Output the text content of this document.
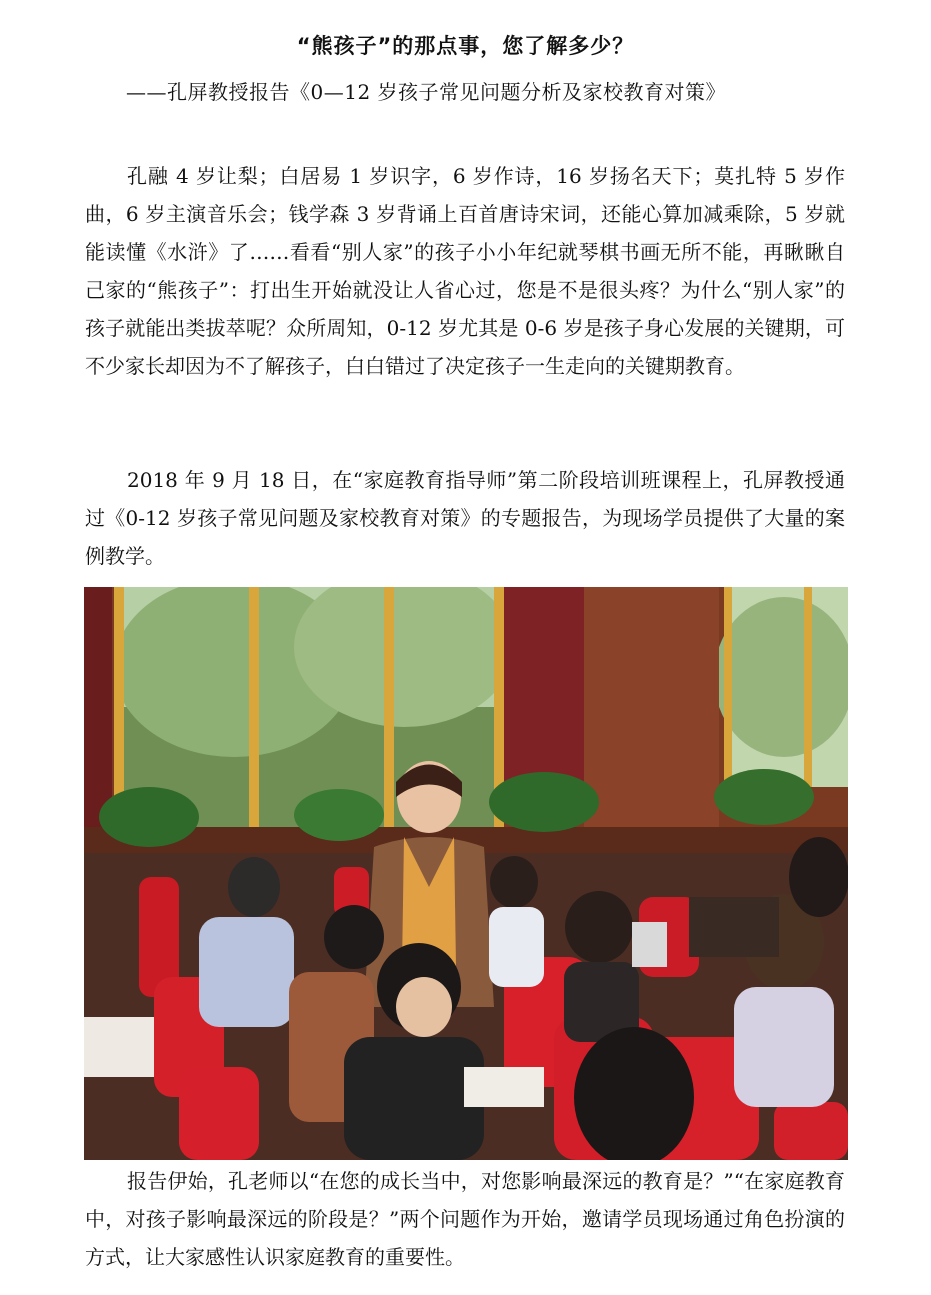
“熊孩子”的那点事，您了解多少？
——孔屏教授报告《0—12 岁孩子常见问题分析及家校教育对策》

孔融 4 岁让梨；白居易 1 岁识字，6 岁作诗，16 岁扬名天下；莫扎特 5 岁作曲，6 岁主演音乐会；钱学森 3 岁背诵上百首唐诗宋词，还能心算加减乘除，5 岁就能读懂《水浒》了……看看“别人家”的孩子小小年纪就琴棋书画无所不能，再瞅瞅自己家的“熊孩子”：打出生开始就没让人省心过，您是不是很头疼？为什么“别人家”的孩子就能出类拔萃呢？众所周知，0-12 岁尤其是 0-6 岁是孩子身心发展的关键期，可不少家长却因为不了解孩子，白白错过了决定孩子一生走向的关键期教育。

2018 年 9 月 18 日，在“家庭教育指导师”第二阶段培训班课程上，孔屏教授通过《0-12 岁孩子常见问题及家校教育对策》的专题报告，为现场学员提供了大量的案例教学。

报告伊始，孔老师以“在您的成长当中，对您影响最深远的教育是？”“在家庭教育中，对孩子影响最深远的阶段是？”两个问题作为开始，邀请学员现场通过角色扮演的方式，让大家感性认识家庭教育的重要性。
